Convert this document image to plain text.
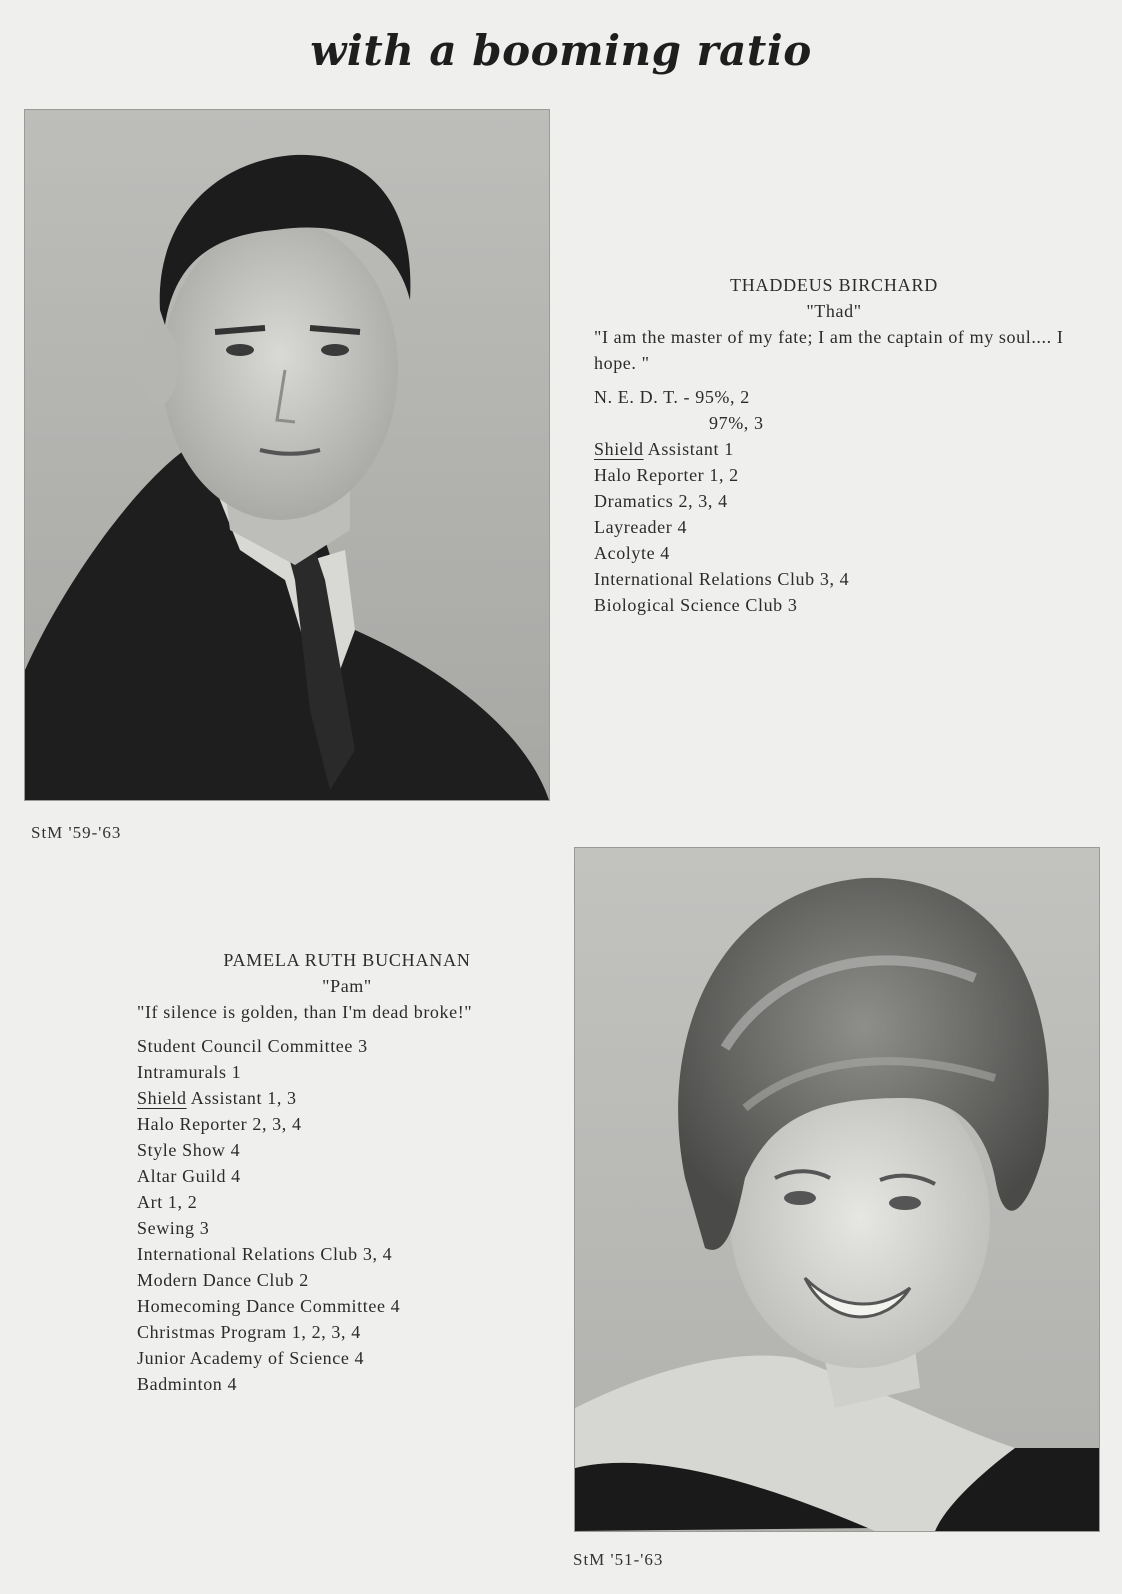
with a booming ratio
THADDEUS BIRCHARD
"Thad"
"I am the master of my fate; I am the captain of my soul.... I hope. "
N. E. D. T. - 95%, 2
97%, 3
Shield Assistant 1
Halo Reporter 1, 2
Dramatics 2, 3, 4
Layreader 4
Acolyte 4
International Relations Club 3, 4
Biological Science Club 3
StM '59-'63
PAMELA RUTH BUCHANAN
"Pam"
"If silence is golden, than I'm dead broke!"
Student Council Committee 3
Intramurals 1
Shield Assistant 1, 3
Halo Reporter 2, 3, 4
Style Show 4
Altar Guild 4
Art 1, 2
Sewing 3
International Relations Club 3, 4
Modern Dance Club 2
Homecoming Dance Committee 4
Christmas Program 1, 2, 3, 4
Junior Academy of Science 4
Badminton 4
StM '51-'63
